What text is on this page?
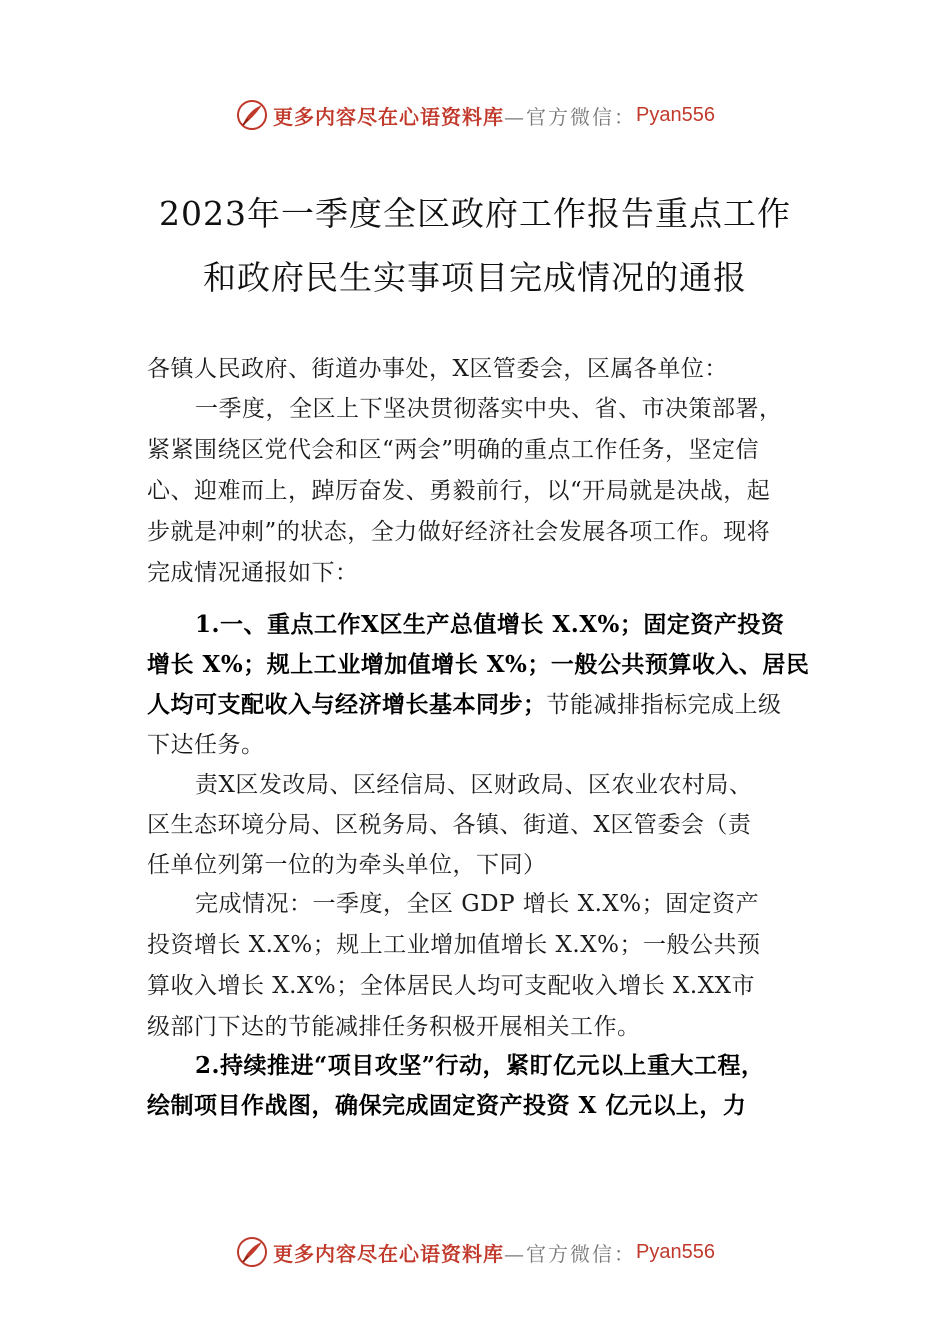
更多内容尽在心语资料库 —官方微信： Pyan556
2023年一季度全区政府工作报告重点工作
和政府民生实事项目完成情况的通报
各镇人民政府、街道办事处，X区管委会，区属各单位：
一季度，全区上下坚决贯彻落实中央、省、市决策部署，
紧紧围绕区党代会和区“两会”明确的重点工作任务，坚定信
心、迎难而上，踔厉奋发、勇毅前行，以“开局就是决战，起
步就是冲刺”的状态，全力做好经济社会发展各项工作。现将
完成情况通报如下：
1.一、重点工作X区生产总值增长 X.X%；固定资产投资
增长 X%；规上工业增加值增长 X%；一般公共预算收入、居民
人均可支配收入与经济增长基本同步；节能减排指标完成上级
下达任务。
责X区发改局、区经信局、区财政局、区农业农村局、
区生态环境分局、区税务局、各镇、街道、X区管委会（责
任单位列第一位的为牵头单位，下同）
完成情况：一季度，全区 GDP 增长 X.X%；固定资产
投资增长 X.X%；规上工业增加值增长 X.X%；一般公共预
算收入增长 X.X%；全体居民人均可支配收入增长 X.XX市
级部门下达的节能减排任务积极开展相关工作。
2.持续推进“项目攻坚”行动，紧盯亿元以上重大工程，
绘制项目作战图，确保完成固定资产投资 X 亿元以上，力
更多内容尽在心语资料库 —官方微信： Pyan556
